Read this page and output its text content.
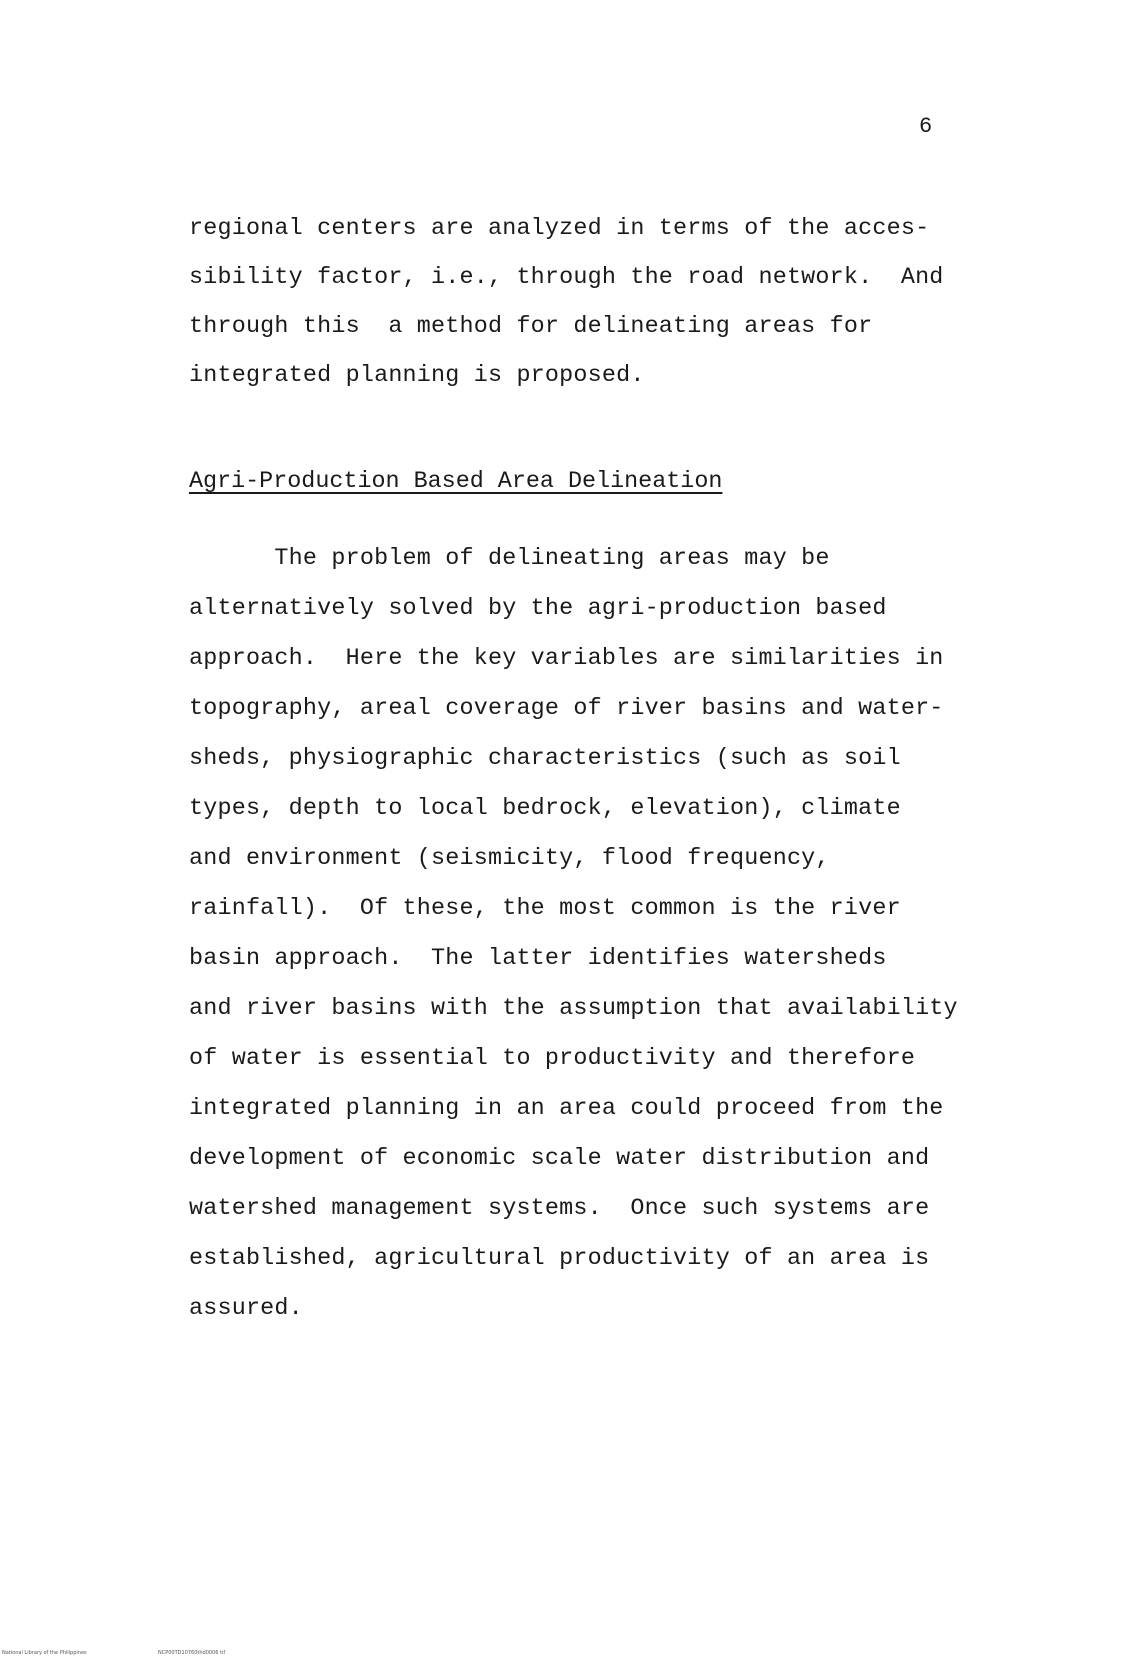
6
regional centers are analyzed in terms of the acces-
sibility factor, i.e., through the road network.  And
through this  a method for delineating areas for
integrated planning is proposed.
Agri-Production Based Area Delineation
The problem of delineating areas may be
alternatively solved by the agri-production based
approach.  Here the key variables are similarities in
topography, areal coverage of river basins and water-
sheds, physiographic characteristics (such as soil
types, depth to local bedrock, elevation), climate
and environment (seismicity, flood frequency,
rainfall).  Of these, the most common is the river
basin approach.  The latter identifies watersheds
and river basins with the assumption that availability
of water is essential to productivity and therefore
integrated planning in an area could proceed from the
development of economic scale water distribution and
watershed management systems.  Once such systems are
established, agricultural productivity of an area is
assured.
National Library of the Philippines	NCP00TD10760thd0006 tif
